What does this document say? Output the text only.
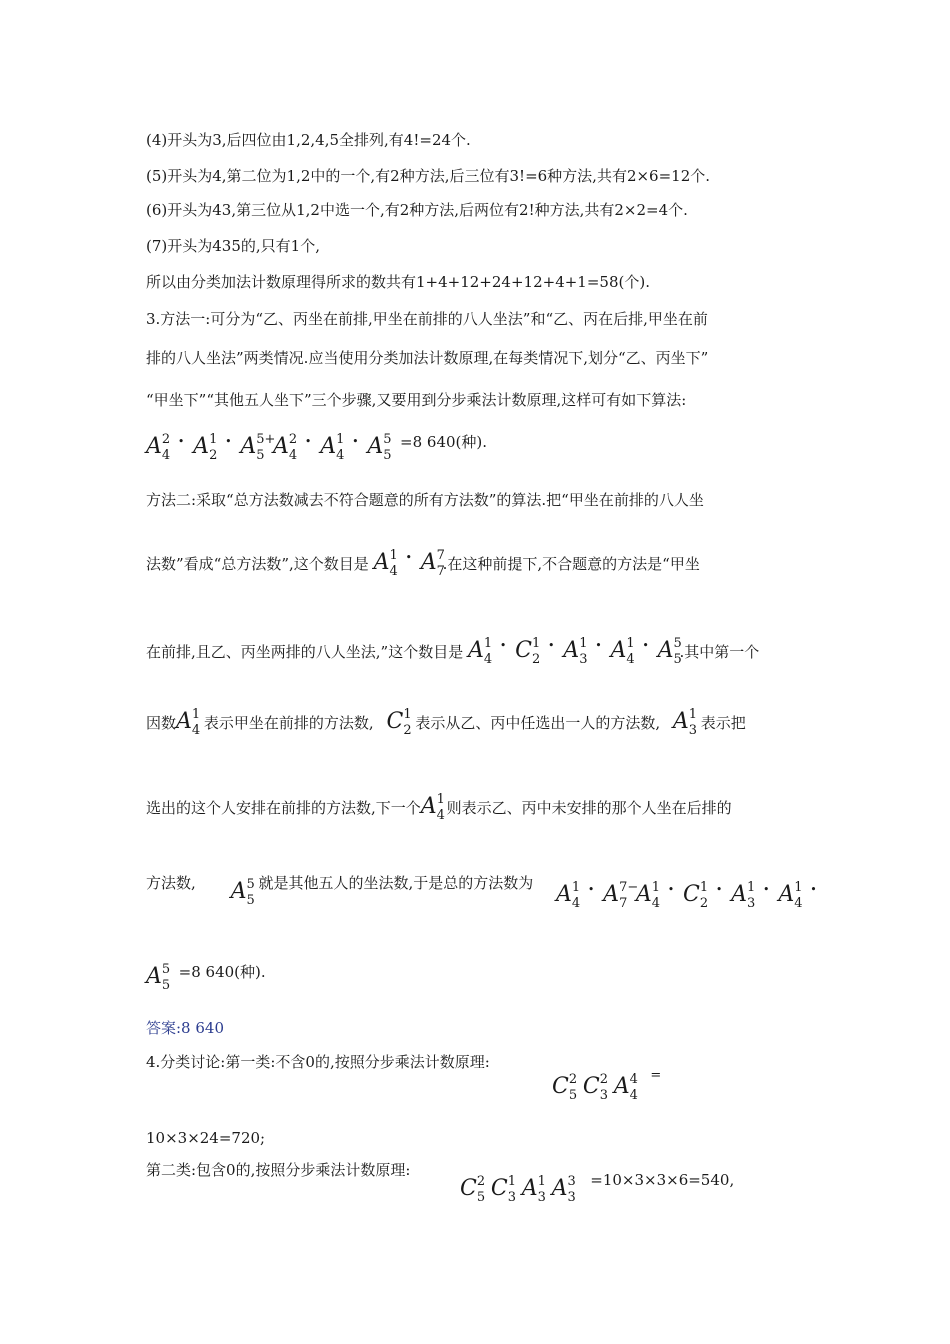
(4)开头为3,后四位由1,2,4,5全排列,有4!=24个.
(5)开头为4,第二位为1,2中的一个,有2种方法,后三位有3!=6种方法,共有2×6=12个.
(6)开头为43,第三位从1,2中选一个,有2种方法,后两位有2!种方法,共有2×2=4个.
(7)开头为435的,只有1个,
所以由分类加法计数原理得所求的数共有1+4+12+24+12+4+1=58(个).
3.方法一:可分为“乙、丙坐在前排,甲坐在前排的八人坐法”和“乙、丙在后排,甲坐在前
排的八人坐法”两类情况.应当使用分类加法计数原理,在每类情况下,划分“乙、丙坐下”
“甲坐下”“其他五人坐下”三个步骤,又要用到分步乘法计数原理,这样可有如下算法:
A 2
4
• A 1
2
• A 5+
5 A 2
4
• A 1
4
• A 5
5
=8 640(种).
方法二:采取“总方法数减去不符合题意的所有方法数”的算法.把“甲坐在前排的八人坐
法数”看成“总方法数”,这个数目是 A 1
4
• A 7
7
.在这种前提下,不合题意的方法是“甲坐
在前排,且乙、丙坐两排的八人坐法,”这个数目是 A 1
4
• C 1
2
• A 1
3
• A 1
4
• A 5
5
.其中第一个
因数A 1
4 表示甲坐在前排的方法数, C 1
2 表示从乙、丙中任选出一人的方法数, A 1
3 表示把
选出的这个人安排在前排的方法数,下一个A 1
4 则表示乙、丙中未安排的那个人坐在后排的
方法数, A 5
5
就是其他五人的坐法数,于是总的方法数为 A 1
4
• A 7−
7 A 1
4
• C 1
2
• A 1
3
• A 1
4
•
A 5
5
=8 640(种).
答案:8 640
4.分类讨论:第一类:不含0的,按照分步乘法计数原理:
C 2
5 C 2
3 A 4
4
=
10×3×24=720;
第二类:包含0的,按照分步乘法计数原理:
C 2
5 C 1
3 A 1
3 A 3
3
=10×3×3×6=540,
